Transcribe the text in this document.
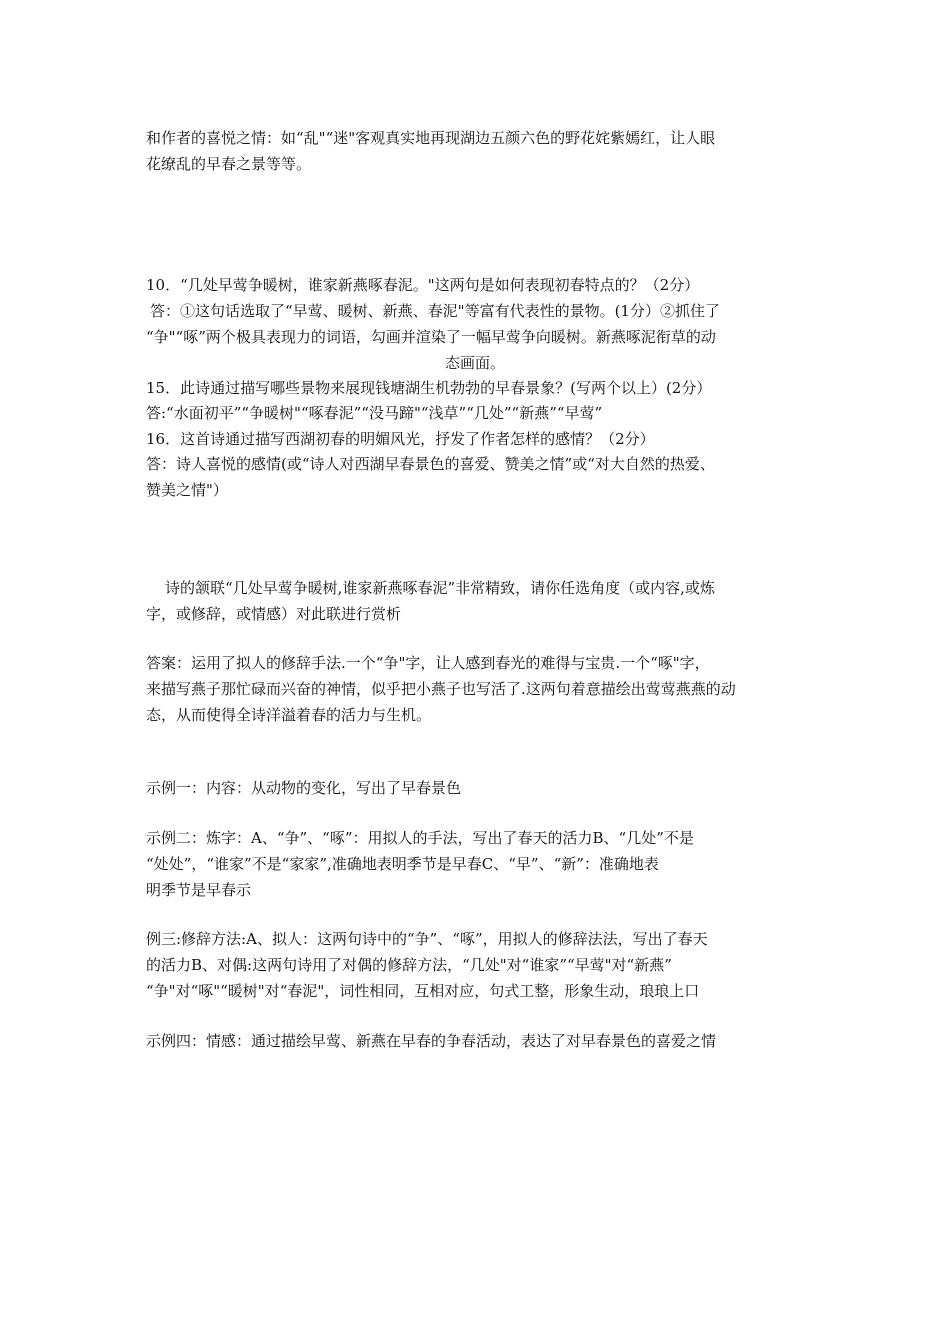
和作者的喜悦之情：如“乱"“迷"客观真实地再现湖边五颜六色的野花姹紫嫣红，让人眼
花缭乱的早春之景等等。
10．“几处早莺争暖树，谁家新燕啄春泥。"这两句是如何表现初春特点的？（2分）
答：①这句话选取了“早莺、暖树、新燕、春泥"等富有代表性的景物。(1分）②抓住了
“争"“啄”两个极具表现力的词语，勾画并渲染了一幅早莺争向暖树。新燕啄泥衔草的动
态画面。
15．此诗通过描写哪些景物来展现钱塘湖生机勃勃的早春景象？(写两个以上）(2分）
答:“水面初平”“争暖树"“啄春泥”“没马蹄"“浅草”“几处”“新燕”“早莺”
16．这首诗通过描写西湖初春的明媚风光，抒发了作者怎样的感情？（2分）
答：诗人喜悦的感情(或“诗人对西湖早春景色的喜爱、赞美之情”或“对大自然的热爱、
赞美之情"）
诗的颔联“几处早莺争暖树,谁家新燕啄春泥”非常精致，请你任选角度（或内容,或炼
字，或修辞，或情感）对此联进行赏析
答案：运用了拟人的修辞手法.一个“争"字，让人感到春光的难得与宝贵.一个“啄"字，
来描写燕子那忙碌而兴奋的神情，似乎把小燕子也写活了.这两句着意描绘出莺莺燕燕的动
态，从而使得全诗洋溢着春的活力与生机。
示例一：内容：从动物的变化，写出了早春景色
示例二：炼字：A、“争”、“啄”：用拟人的手法，写出了春天的活力B、“几处”不是
“处处”，“谁家”不是“家家”,准确地表明季节是早春C、“早”、“新”：准确地表
明季节是早春示
例三:修辞方法:A、拟人：这两句诗中的“争”、“啄”，用拟人的修辞法法，写出了春天
的活力B、对偶:这两句诗用了对偶的修辞方法，“几处"对“谁家”“早莺"对“新燕”
“争"对“啄"“暖树"对“春泥"，词性相同，互相对应，句式工整，形象生动，琅琅上口
示例四：情感：通过描绘早莺、新燕在早春的争春活动，表达了对早春景色的喜爱之情
